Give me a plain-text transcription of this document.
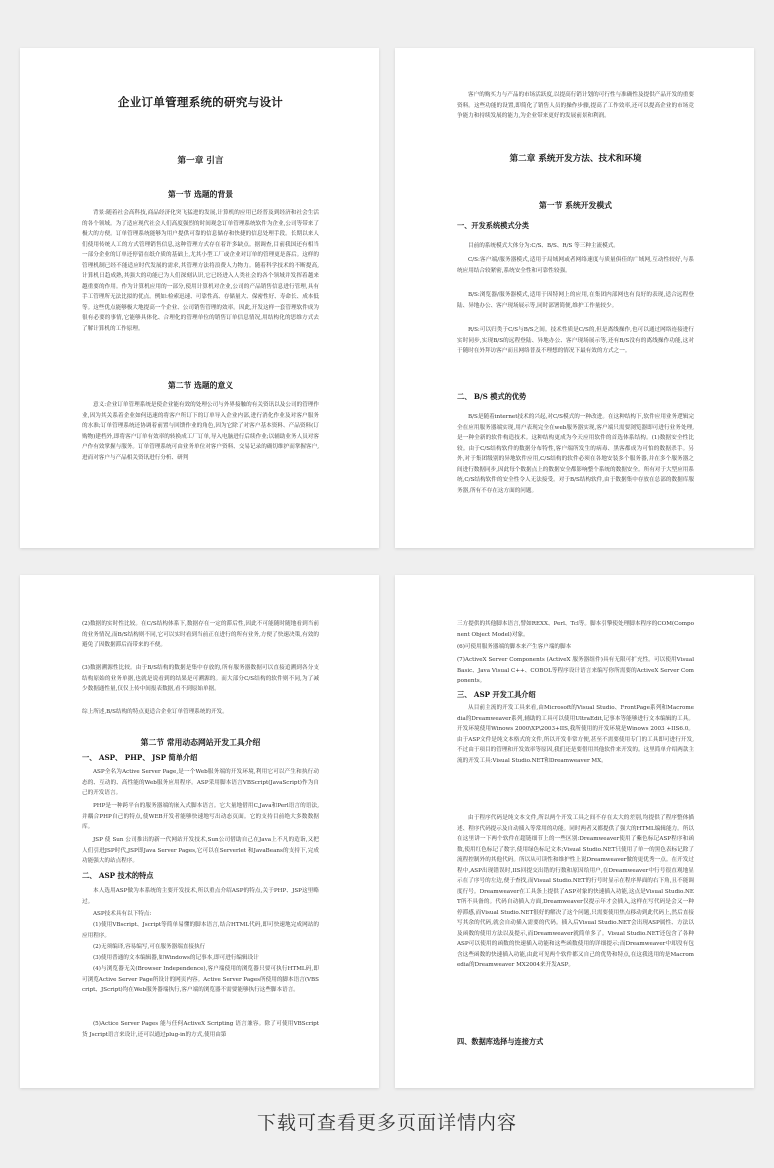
企业订单管理系统的研究与设计
第一章 引言
第一节 选题的背景
背景:随着社会高科技,商品经济化突飞猛进的发展,计算机的应用已经普及到经济和社会生活的各个领域。为了适应现代社会人们高度强烈的时间观念订单管理系统软件为企业,公司等带来了极大的方便。订单管理系统能够为用户提供可靠的信息储存和快捷的信息处理手段。长期以来人们使用传统人工的方式管理销售信息,这种管理方式存在着许多缺点。据调查,目前我国还有相当一部分企业的订单还停留在纸介质的基础上,尤其小型工厂或企业对订单的管理更是落后。这样的管理机制已经不能适应时代发展的需求,其管理方法将浪费人力物力。随着科学技术的不断提高,计算机日趋成熟,其强大的功能已为人们深刻认识,它已经进入人类社会的各个领域并发挥着越来越重要的作用。作为计算机应用的一部分,使用计算机对企业,公司的产品销售信息进行管理,具有手工管理所无法比拟的优点。例如:检索迅速、可靠性高、存储量大、保密性好、寿命长、成本低等。这些优点能够极大地提高一个企业、公司销售管理的效率。因此,开发这样一套管理软件成为很有必要的事情,它能够具体化、合理化的管理单位的销售订单信息情况,用结构化的思维方式去了解计算机的工作原理。
第二节 选题的意义
意义:企业订单管理系统是使企业能有效的处理公司与外界接触的有关资讯以及公司的管理作业,因为其关系着企业如何迅速的将客户所订下的订单导入企业内部,进行消化作业及对客户服务的水准;订单管理系统还协调着前置与回馈作业的角色,因为它除了对客户基本资料、产品资料(订购物)建档外,即将客户订单有效率的转换成工厂订单,导入电脑进行后续作业;以辅助业务人员对客户作有效掌握与服务。订单管理系统可由业务单位对客户资料、交易记录的确切维护而掌握客户,进而对客户与产品相关资讯进行分析、研判
客户的购买力与产品的市场活跃度,以提高行销计划的可行性与准确性及提供产品开发的重要资料。这些功能的设置,即简化了销售人员的操作步骤,提高了工作效率,还可以提高企业的市场竞争能力和持续发展的能力,为企业带来更好的发展前景和利润。
第二章 系统开发方法、技术和环境
第一节 系统开发模式
一、开发系统模式分类
目前的系统模式大体分为:C/S、B/S、R/S 等三种主流模式。
C/S:客户端/服务器模式,适用于局域网或者网络速度与质量俱佳的广域网,互动性较好,与系统应用结合较紧密,系统安全性和可靠性较强。
B/S:浏览器/服务器模式,适用于因特网上的应用,在集团内部网也有良好的表现,适合远程登陆、异地办公、客户现场展示等,同时部署简便,维护工作量较少。
R/S:可以归类于C/S与B/S之间。技术性质是C/S的,但是离线操作,也可以通过网络连接进行实时同步,实现B/S的远程登陆、异地办公、客户现场展示等,还有B/S没有的离线操作功能,这对于随时在外拜访客户而且网络普及不理想的情况下最有效的方式之一。
二、 B/S 模式的优势
B/S是随着internet技术的兴起,对C/S模式的一种改进。在这种结构下,软件应用业务逻辑完全在应用服务器端实现,用户表现完全在web服务器实现,客户端只需要浏览器即可进行业务处理,是一种全新的软件构造技术。这种结构更成为今天应用软件的首选体系结构。(1)数据安全性比较。由于C/S结构软件的数据分布特性,客户端所发生的病毒、黑客都成为可怕的数据杀手。另外,对于集团级别的异地软件应用,C/S结构的软件必须在各地安装多个服务器,并在多个服务器之间进行数据同步,因此每个数据点上的数据安全都影响整个系统的数据安全。所有对于大型应用系统,C/S结构软件的安全性令人无法接受。对于B/S结构软件,由于数据集中存放在总部的数据库服务器,所有不存在这方面的问题。
(2)数据的实时性比较。在C/S结构体系下,数据存在一定的滞后性,因此不可能随时随地看到当前的业务情况,而B/S结构则不同,它可以实时看到当前正在进行的所有业务,方便了快速决策,有效的避免了因数据滞后而带来的不便。
(3)数据溯源性比较。由于B/S结构的数据是集中存放的,所有服务器数据可以直接追溯到各分支结构原始的业务单据,也就是说看到的结果是可溯源的。而大部分C/S结构的软件则不同,为了减少数据通性量,仅仅上传中间报表数据,看不到原始单据。
综上所述,B/S结构的特点更适合企业订单管理系统的开发。
第二节 常用动态网站开发工具介绍
一、 ASP、 PHP、 JSP 简单介绍
ASP全名为Active Server Page,是一个Web服务端的开发环境,利用它可以产生和执行动态的、互动的、高性能的Web服务应用程序。ASP采用脚本语言VBScript(JavaScript)作为自己的开发语言。
PHP是一种跨平台的服务器端的嵌入式脚本语言。它大量地借用C,Java和Perl语言的语法,并耦合PHP自己的特点,使WEB开发者能够快速地写出动态页面。它的支持目前绝大多数数据库。
JSP 使 Sun 公司推出的新一代网站开发技术,Sun公司借助自己在Java上不凡的造诣,又把人们引进JSP时代,JSP即Java Server Pages,它可以在Serverlet 和JavaBeans的支持下,完成功能强大的站点程序。
二、 ASP 技术的特点
本人选用ASP做为本系统的主要开发技术,所以重点介绍ASP的特点,关于PHP、JSP这里略过。
ASP技术具有以下特点:
(1)使用VBscript、Jscript等简单易懂的脚本语言,结合HTML代码,即可快速地完成网站的应用程序。
(2)无须编译,容易编写,可在服务器端直接执行
(3)使用普通的文本编辑器,如Windows的记事本,即可进行编辑设计
(4)与浏览器无关(Browser Independence),客户端使用的浏览器只要可执行HTML码,即可浏览Active Server Page所设计的网页内容。Active Server Pages所使用的脚本语言(VBScript、JScript)均在Web服务器端执行,客户端的浏览器不需要能够执行这些脚本语言。
(5)Actice Server Pages 能与任何ActiveX Scripting 语言兼容。除了可使用VBScript 货 Jscript语言来设计,还可以通过plug-in的方式,使用由第
三方提供的其他脚本语言,譬如REXX、Perl、Tcl等。脚本引擎使处理脚本程序的COM(Component Object Model)对象。
(6)可使用服务器端的脚本来产生客户端的脚本
(7)ActiveX Server Components (ActiveX 服务器组件)具有无限可扩充性。可以使用Visual Basic、Java Visual C++、COBOL等程序设计语言来编写你所需要的ActiveX Server Components。
三、 ASP 开发工具介绍
从目前主流的开发工具来看,由Microsoft的Visual Studio、FrontPage系列和Macromedia的Dreamweaver系列,辅助的工具可以使用UltraEdit,记事本等能够进行文本编辑的工具。开发环境使用Winows 2000\XP\2003+IIS,我所使用的开发环境是Winows 2003 +IIS6.0。由于ASP文件是纯文本格式的文件,所以开发非常方便,甚至不需要使用专门的工具即可进行开发,不过由于项目的管理和开发效率等原因,我们还是要借用其他软件来开发的。这里简单介绍两款主流的开发工具:Visual Studio.NET和Dreamweaver MX。
由于程序代码是纯文本文件,所以两个开发工具之间不存在太大的差别,均提供了程序整体描述、程序代码提示及自动插入等常用的功能。同时两者又都提供了强大的HTML编辑能力。所以在这里讲一下两个软件在超链细节上的一些区别:Dreamweaver使用了紫色标记ASP程序和函数,使用红色标记了数字,使用绿色标记文本;Visual Studio.NET只使用了单一的黑色表标记除了流程控制外的其他代码。所以从可读性和维护性上说Dreamweaver做的更优秀一点。在开发过程中,ASP出现错误时,IIS回提交出错的行数和原因给用户,在Dreamweaver中行号很直观地显示在了序号的左边,便于查找,而Visual Studio.NET的行号时显示在程序界面的右下角,且不能调度行号。Dreamweaver在工具条上提供了ASP对象的快速插入功能,这点是Visual Studio.NET所不具备的。代码自动插入方面,Dreamweaver仅提示年才会插入,这样在写代码是会又一种停滞感,而Visual Studio.NET很好的解决了这个问题,只需要使用焦点移动到此代码上,然后直接写其余的代码,就会自动插入需要的代码。插入后Visual Studio.NET会出现ASP属性、方法以及函数的使用方法以及提示,而Dreamweaver就简单多了。Visual Studio.NET还包含了各种ASP可以使用的函数的快速插入功能和这些函数使用的详细提示;而Dreamweaver中却没有包含这些函数的快速插入功能,由此可见两个软件都又自己的优势和特点,在这我选用的是Macromedia的Dreamweaver MX2004来开发ASP。
四、数据库选择与连接方式
下载可查看更多页面详情内容
